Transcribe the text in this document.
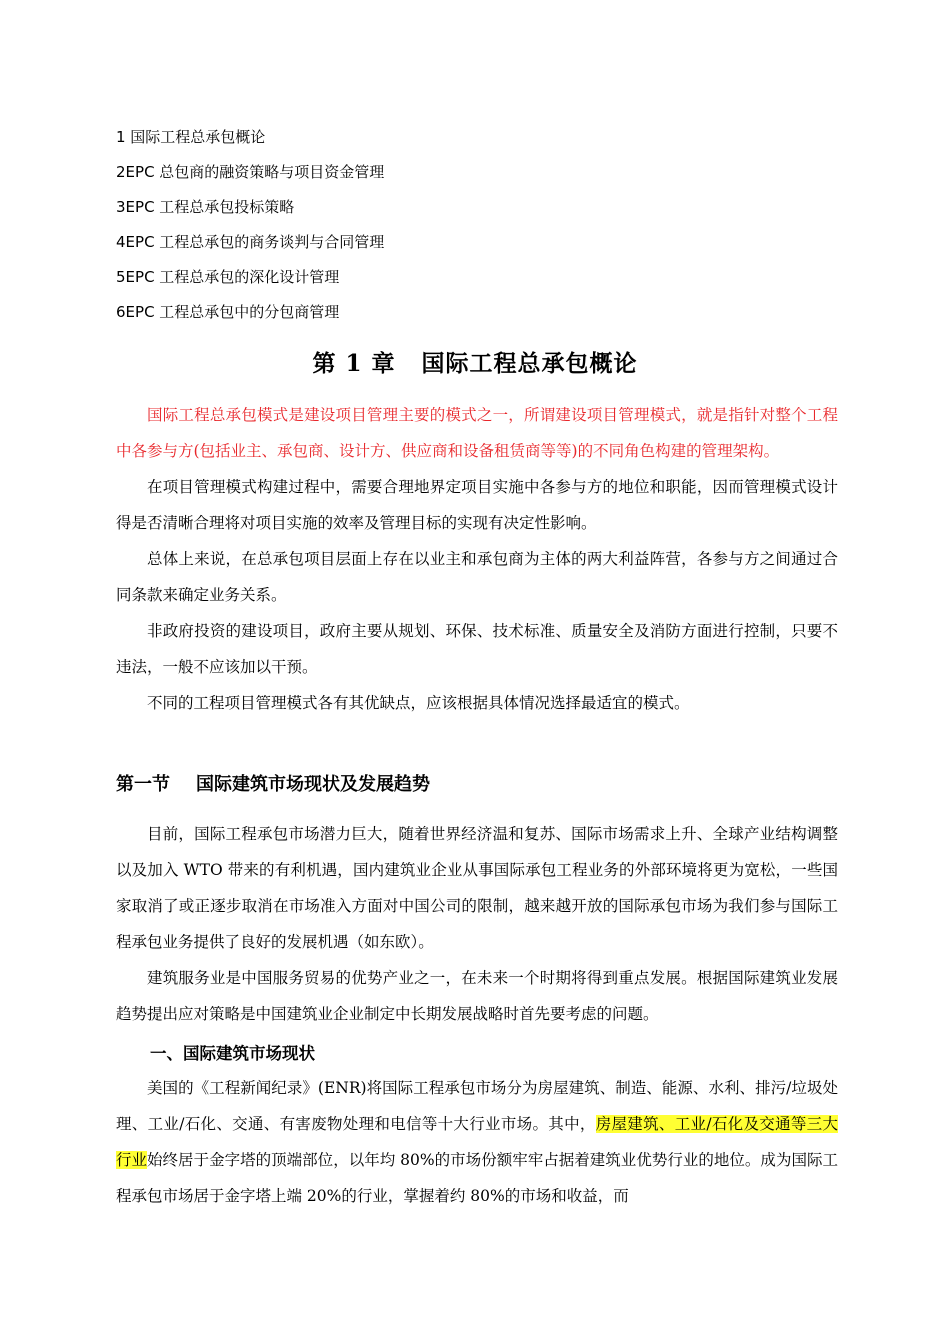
1 国际工程总承包概论
2EPC 总包商的融资策略与项目资金管理
3EPC 工程总承包投标策略
4EPC 工程总承包的商务谈判与合同管理
5EPC 工程总承包的深化设计管理
6EPC 工程总承包中的分包商管理
第 1 章 国际工程总承包概论

国际工程总承包模式是建设项目管理主要的模式之一，所谓建设项目管理模式，就是指针对整个工程中各参与方(包括业主、承包商、设计方、供应商和设备租赁商等等)的不同角色构建的管理架构。

在项目管理模式构建过程中，需要合理地界定项目实施中各参与方的地位和职能，因而管理模式设计得是否清晰合理将对项目实施的效率及管理目标的实现有决定性影响。

总体上来说，在总承包项目层面上存在以业主和承包商为主体的两大利益阵营，各参与方之间通过合同条款来确定业务关系。

非政府投资的建设项目，政府主要从规划、环保、技术标准、质量安全及消防方面进行控制，只要不违法，一般不应该加以干预。

不同的工程项目管理模式各有其优缺点，应该根据具体情况选择最适宜的模式。

第一节 国际建筑市场现状及发展趋势

目前，国际工程承包市场潜力巨大，随着世界经济温和复苏、国际市场需求上升、全球产业结构调整以及加入 WTO 带来的有利机遇，国内建筑业企业从事国际承包工程业务的外部环境将更为宽松，一些国家取消了或正逐步取消在市场准入方面对中国公司的限制，越来越开放的国际承包市场为我们参与国际工程承包业务提供了良好的发展机遇（如东欧）。

建筑服务业是中国服务贸易的优势产业之一，在未来一个时期将得到重点发展。根据国际建筑业发展趋势提出应对策略是中国建筑业企业制定中长期发展战略时首先要考虑的问题。

一、国际建筑市场现状

美国的《工程新闻纪录》(ENR)将国际工程承包市场分为房屋建筑、制造、能源、水利、排污/垃圾处理、工业/石化、交通、有害废物处理和电信等十大行业市场。其中，房屋建筑、工业/石化及交通等三大行业始终居于金字塔的顶端部位，以年均 80%的市场份额牢牢占据着建筑业优势行业的地位。成为国际工程承包市场居于金字塔上端 20%的行业，掌握着约 80%的市场和收益，而
